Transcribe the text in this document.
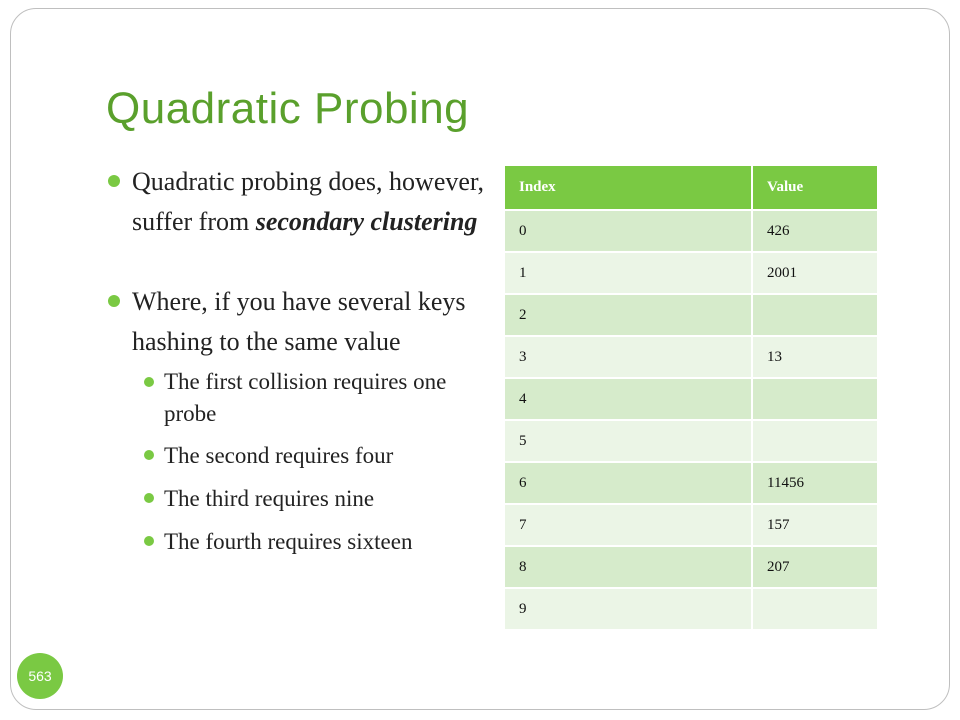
Quadratic Probing
Quadratic probing does, however, suffer from secondary clustering
Where, if you have several keys hashing to the same value
The first collision requires one probe
The second requires four
The third requires nine
The fourth requires sixteen
Index	Value
0	426
1	2001
2	
3	13
4	
5	
6	11456
7	157
8	207
9	
563
